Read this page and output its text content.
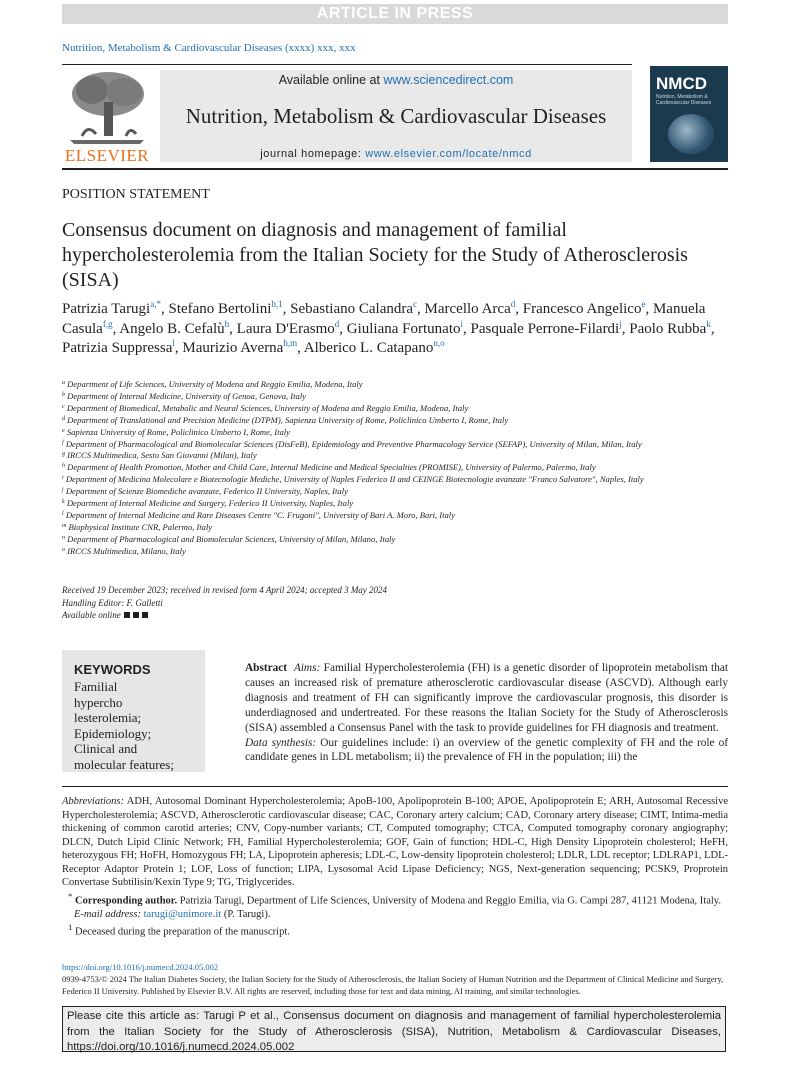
ARTICLE IN PRESS
Nutrition, Metabolism & Cardiovascular Diseases (xxxx) xxx, xxx
ELSEVIER
Available online at www.sciencedirect.com
Nutrition, Metabolism & Cardiovascular Diseases
journal homepage: www.elsevier.com/locate/nmcd
NMCD
Nutrition, Metabolism & Cardiovascular Diseases
POSITION STATEMENT
Consensus document on diagnosis and management of familial hypercholesterolemia from the Italian Society for the Study of Atherosclerosis (SISA)
Patrizia Tarugi$^{a,*}$, Stefano Bertolini$^{b,1}$, Sebastiano Calandra$^c$, Marcello Arca$^d$, Francesco Angelico$^e$, Manuela Casula$^{f,g}$, Angelo B. Cefalù$^h$, Laura D'Erasmo$^d$, Giuliana Fortunato$^i$, Pasquale Perrone-Filardi$^j$, Paolo Rubba$^k$, Patrizia Suppressa$^l$, Maurizio Averna$^{h,m}$, Alberico L. Catapano$^{n,o}$
$^a$ Department of Life Sciences, University of Modena and Reggio Emilia, Modena, Italy
$^b$ Department of Internal Medicine, University of Genoa, Genova, Italy
$^c$ Department of Biomedical, Metabolic and Neural Sciences, University of Modena and Reggio Emilia, Modena, Italy
$^d$ Department of Translational and Precision Medicine (DTPM), Sapienza University of Rome, Policlinico Umberto I, Rome, Italy
$^e$ Sapienza University of Rome, Policlinico Umberto I, Rome, Italy
$^f$ Department of Pharmacological and Biomolecular Sciences (DisFeB), Epidemiology and Preventive Pharmacology Service (SEFAP), University of Milan, Milan, Italy
$^g$ IRCCS Multimedica, Sesto San Giovanni (Milan), Italy
$^h$ Department of Health Promotion, Mother and Child Care, Internal Medicine and Medical Specialties (PROMISE), University of Palermo, Palermo, Italy
$^i$ Department of Medicina Molecolare e Biotecnologie Mediche, University of Naples Federico II and CEINGE Biotecnologie avanzate "Franco Salvatore", Naples, Italy
$^j$ Department of Scienze Biomediche avanzate, Federico II University, Naples, Italy
$^k$ Department of Internal Medicine and Surgery, Federico II University, Naples, Italy
$^l$ Department of Internal Medicine and Rare Diseases Centre "C. Frugoni", University of Bari A. Moro, Bari, Italy
$^m$ Biophysical Institute CNR, Palermo, Italy
$^n$ Department of Pharmacological and Biomolecular Sciences, University of Milan, Milano, Italy
$^o$ IRCCS Multimedica, Milano, Italy
Received 19 December 2023; received in revised form 4 April 2024; accepted 3 May 2024
Handling Editor: F. Galletti
Available online
KEYWORDS
Familial
hypercho
lesterolemia;
Epidemiology;
Clinical and
molecular features;
Abstract Aims: Familial Hypercholesterolemia (FH) is a genetic disorder of lipoprotein metabolism that causes an increased risk of premature atherosclerotic cardiovascular disease (ASCVD). Although early diagnosis and treatment of FH can significantly improve the cardiovascular prognosis, this disorder is underdiagnosed and undertreated. For these reasons the Italian Society for the Study of Atherosclerosis (SISA) assembled a Consensus Panel with the task to provide guidelines for FH diagnosis and treatment.
Data synthesis: Our guidelines include: i) an overview of the genetic complexity of FH and the role of candidate genes in LDL metabolism; ii) the prevalence of FH in the population; iii) the
Abbreviations: ADH, Autosomal Dominant Hypercholesterolemia; ApoB-100, Apolipoprotein B-100; APOE, Apolipoprotein E; ARH, Autosomal Recessive Hypercholesterolemia; ASCVD, Atherosclerotic cardiovascular disease; CAC, Coronary artery calcium; CAD, Coronary artery disease; CIMT, Intima-media thickening of common carotid arteries; CNV, Copy-number variants; CT, Computed tomography; CTCA, Computed tomography coronary angiography; DLCN, Dutch Lipid Clinic Network; FH, Familial Hypercholesterolemia; GOF, Gain of function; HDL-C, High Density Lipoprotein cholesterol; HeFH, heterozygous FH; HoFH, Homozygous FH; LA, Lipoprotein apheresis; LDL-C, Low-density lipoprotein cholesterol; LDLR, LDL receptor; LDLRAP1, LDL-Receptor Adaptor Protein 1; LOF, Loss of function; LIPA, Lysosomal Acid Lipase Deficiency; NGS, Next-generation sequencing; PCSK9, Proprotein Convertase Subtilisin/Kexin Type 9; TG, Triglycerides.
* Corresponding author. Patrizia Tarugi, Department of Life Sciences, University of Modena and Reggio Emilia, via G. Campi 287, 41121 Modena, Italy.
E-mail address: tarugi@unimore.it (P. Tarugi).
$^1$ Deceased during the preparation of the manuscript.
https://doi.org/10.1016/j.numecd.2024.05.002
0939-4753/© 2024 The Italian Diabetes Society, the Italian Society for the Study of Atherosclerosis, the Italian Society of Human Nutrition and the Department of Clinical Medicine and Surgery, Federico II University. Published by Elsevier B.V. All rights are reserved, including those for text and data mining, AI training, and similar technologies.
Please cite this article as: Tarugi P et al., Consensus document on diagnosis and management of familial hypercholesterolemia from the Italian Society for the Study of Atherosclerosis (SISA), Nutrition, Metabolism & Cardiovascular Diseases, https://doi.org/10.1016/j.numecd.2024.05.002
